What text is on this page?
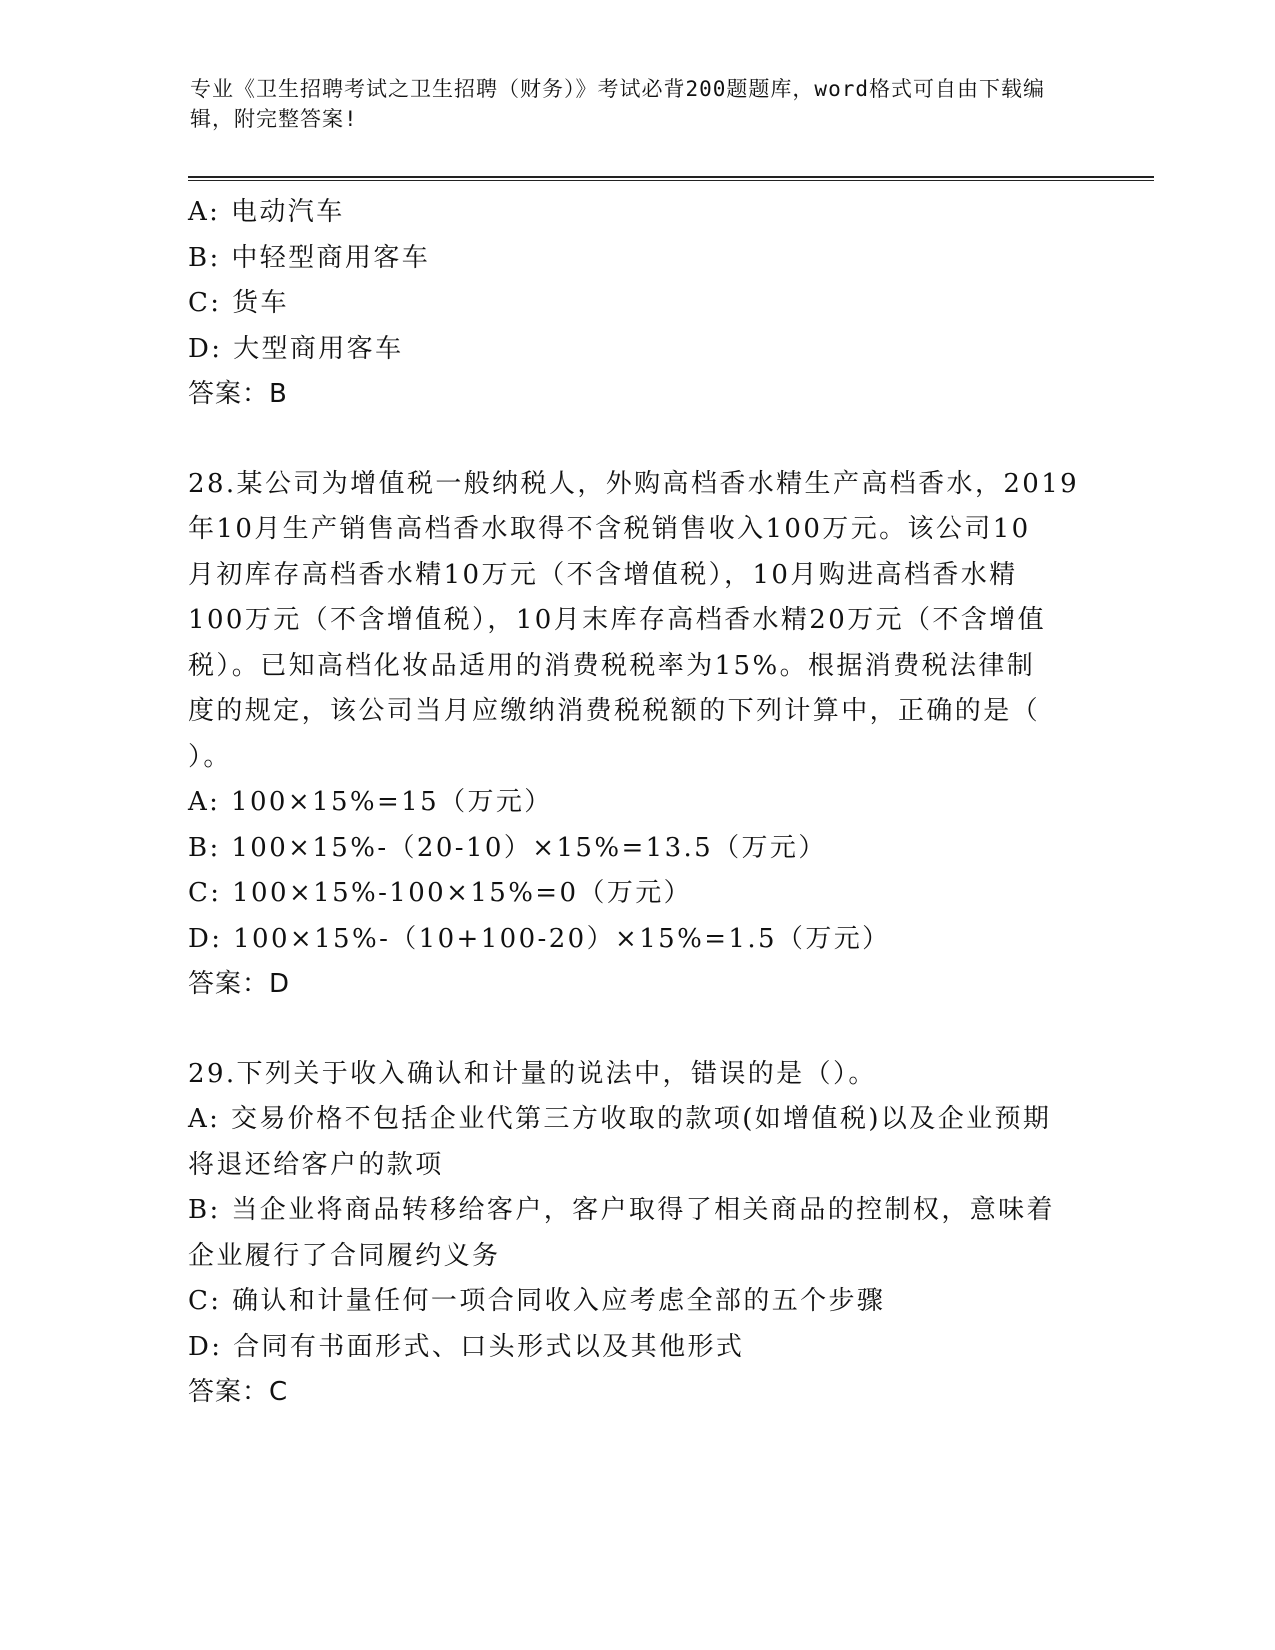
专业《卫生招聘考试之卫生招聘（财务）》考试必背200题题库，word格式可自由下载编辑，附完整答案!
A: 电动汽车
B: 中轻型商用客车
C: 货车
D: 大型商用客车
答案：B
28.某公司为增值税一般纳税人，外购高档香水精生产高档香水，2019
年10月生产销售高档香水取得不含税销售收入100万元。该公司10
月初库存高档香水精10万元（不含增值税），10月购进高档香水精
100万元（不含增值税），10月末库存高档香水精20万元（不含增值
税）。已知高档化妆品适用的消费税税率为15%。根据消费税法律制
度的规定，该公司当月应缴纳消费税税额的下列计算中，正确的是（
）。
A: 100×15%=15（万元）
B: 100×15%-（20-10）×15%=13.5（万元）
C: 100×15%-100×15%=0（万元）
D: 100×15%-（10+100-20）×15%=1.5（万元）
答案：D
29.下列关于收入确认和计量的说法中，错误的是（）。
A: 交易价格不包括企业代第三方收取的款项(如增值税)以及企业预期
将退还给客户的款项
B: 当企业将商品转移给客户，客户取得了相关商品的控制权，意味着
企业履行了合同履约义务
C: 确认和计量任何一项合同收入应考虑全部的五个步骤
D: 合同有书面形式、口头形式以及其他形式
答案：C
